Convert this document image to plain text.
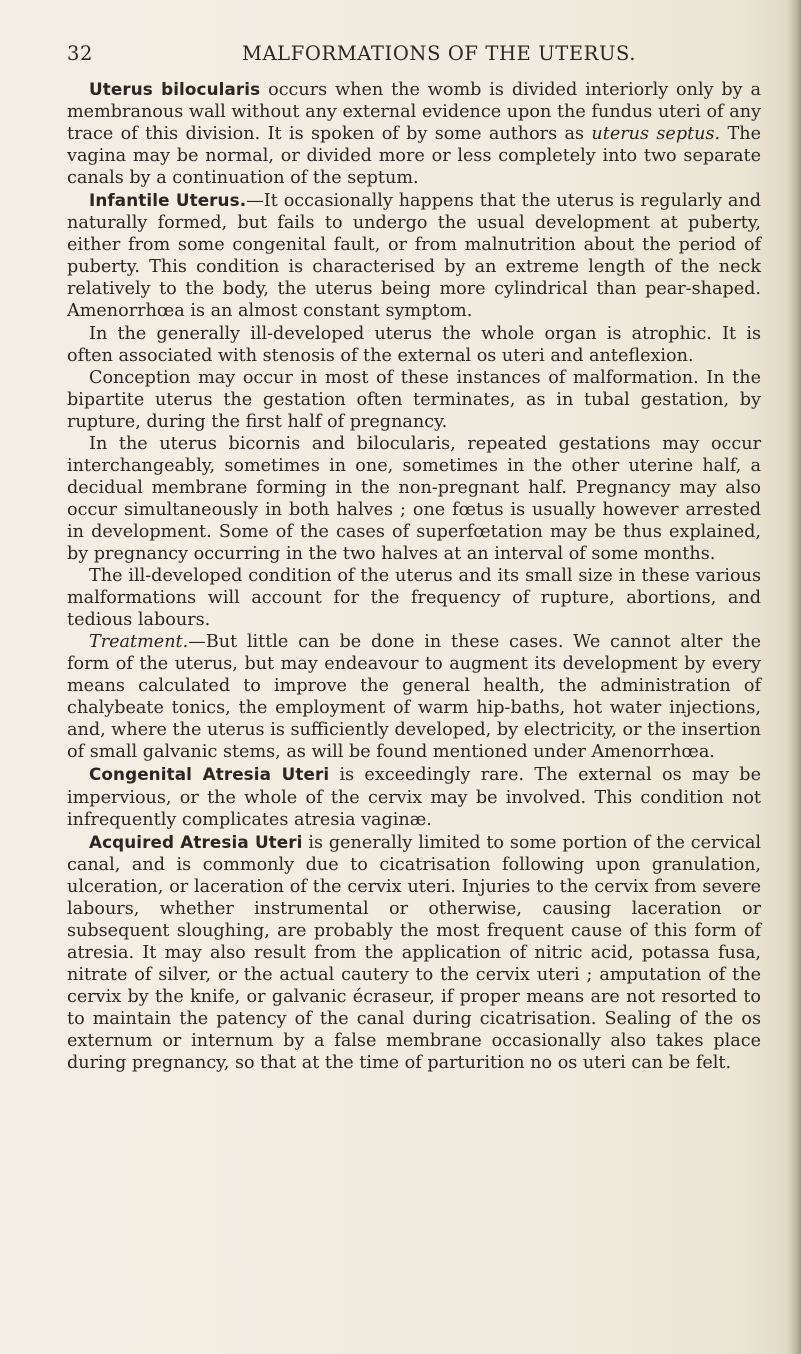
32	MALFORMATIONS OF THE UTERUS.

Uterus bilocularis occurs when the womb is divided interiorly only by a membranous wall without any external evidence upon the fundus uteri of any trace of this division. It is spoken of by some authors as uterus septus. The vagina may be normal, or divided more or less completely into two separate canals by a continuation of the septum.

Infantile Uterus.—It occasionally happens that the uterus is regularly and naturally formed, but fails to undergo the usual development at puberty, either from some congenital fault, or from malnutrition about the period of puberty. This condition is characterised by an extreme length of the neck relatively to the body, the uterus being more cylindrical than pear-shaped. Amenorrhœa is an almost constant symptom.

In the generally ill-developed uterus the whole organ is atrophic. It is often associated with stenosis of the external os uteri and anteflexion.

Conception may occur in most of these instances of malformation. In the bipartite uterus the gestation often terminates, as in tubal gestation, by rupture, during the first half of pregnancy.

In the uterus bicornis and bilocularis, repeated gestations may occur interchangeably, sometimes in one, sometimes in the other uterine half, a decidual membrane forming in the non-pregnant half. Pregnancy may also occur simultaneously in both halves ; one fœtus is usually however arrested in development. Some of the cases of superfœtation may be thus explained, by pregnancy occurring in the two halves at an interval of some months.

The ill-developed condition of the uterus and its small size in these various malformations will account for the frequency of rupture, abortions, and tedious labours.

Treatment.—But little can be done in these cases. We cannot alter the form of the uterus, but may endeavour to augment its development by every means calculated to improve the general health, the administration of chalybeate tonics, the employment of warm hip-baths, hot water injections, and, where the uterus is sufficiently developed, by electricity, or the insertion of small galvanic stems, as will be found mentioned under Amenorrhœa.

Congenital Atresia Uteri is exceedingly rare. The external os may be impervious, or the whole of the cervix may be involved. This condition not infrequently complicates atresia vaginæ.

Acquired Atresia Uteri is generally limited to some portion of the cervical canal, and is commonly due to cicatrisation following upon granulation, ulceration, or laceration of the cervix uteri. Injuries to the cervix from severe labours, whether instrumental or otherwise, causing laceration or subsequent sloughing, are probably the most frequent cause of this form of atresia. It may also result from the application of nitric acid, potassa fusa, nitrate of silver, or the actual cautery to the cervix uteri ; amputation of the cervix by the knife, or galvanic écraseur, if proper means are not resorted to to maintain the patency of the canal during cicatrisation. Sealing of the os externum or internum by a false membrane occasionally also takes place during pregnancy, so that at the time of parturition no os uteri can be felt.
